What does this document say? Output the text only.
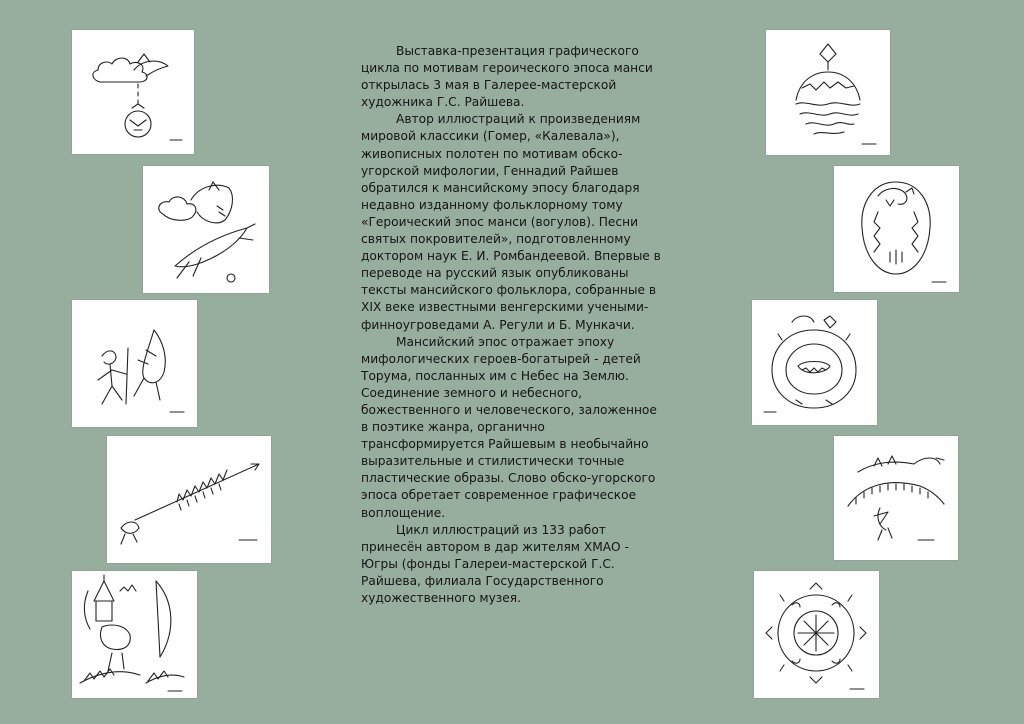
Выставка-презентация графического цикла по мотивам героического эпоса манси открылась 3 мая в Галерее-мастерской художника Г.С. Райшева.

Автор иллюстраций к произведениям мировой классики (Гомер, «Калевала»), живописных полотен по мотивам обско-угорской мифологии, Геннадий Райшев обратился к мансийскому эпосу благодаря недавно изданному фольклорному тому «Героический эпос манси (вогулов). Песни святых покровителей», подготовленному доктором наук Е. И. Ромбандеевой. Впервые в переводе на русский язык опубликованы тексты мансийского фольклора, собранные в XIX веке известными венгерскими учеными-финноугроведами А. Регули и Б. Мункачи.

Мансийский эпос отражает эпоху мифологических героев-богатырей - детей Торума, посланных им с Небес на Землю. Соединение земного и небесного, божественного и человеческого, заложенное в поэтике жанра, органично трансформируется Райшевым в необычайно выразительные и стилистически точные пластические образы. Слово обско-угорского эпоса обретает современное графическое воплощение.

Цикл иллюстраций из 133 работ принесён автором в дар жителям ХМАО - Югры (фонды Галереи-мастерской Г.С. Райшева, филиала Государственного художественного музея.
